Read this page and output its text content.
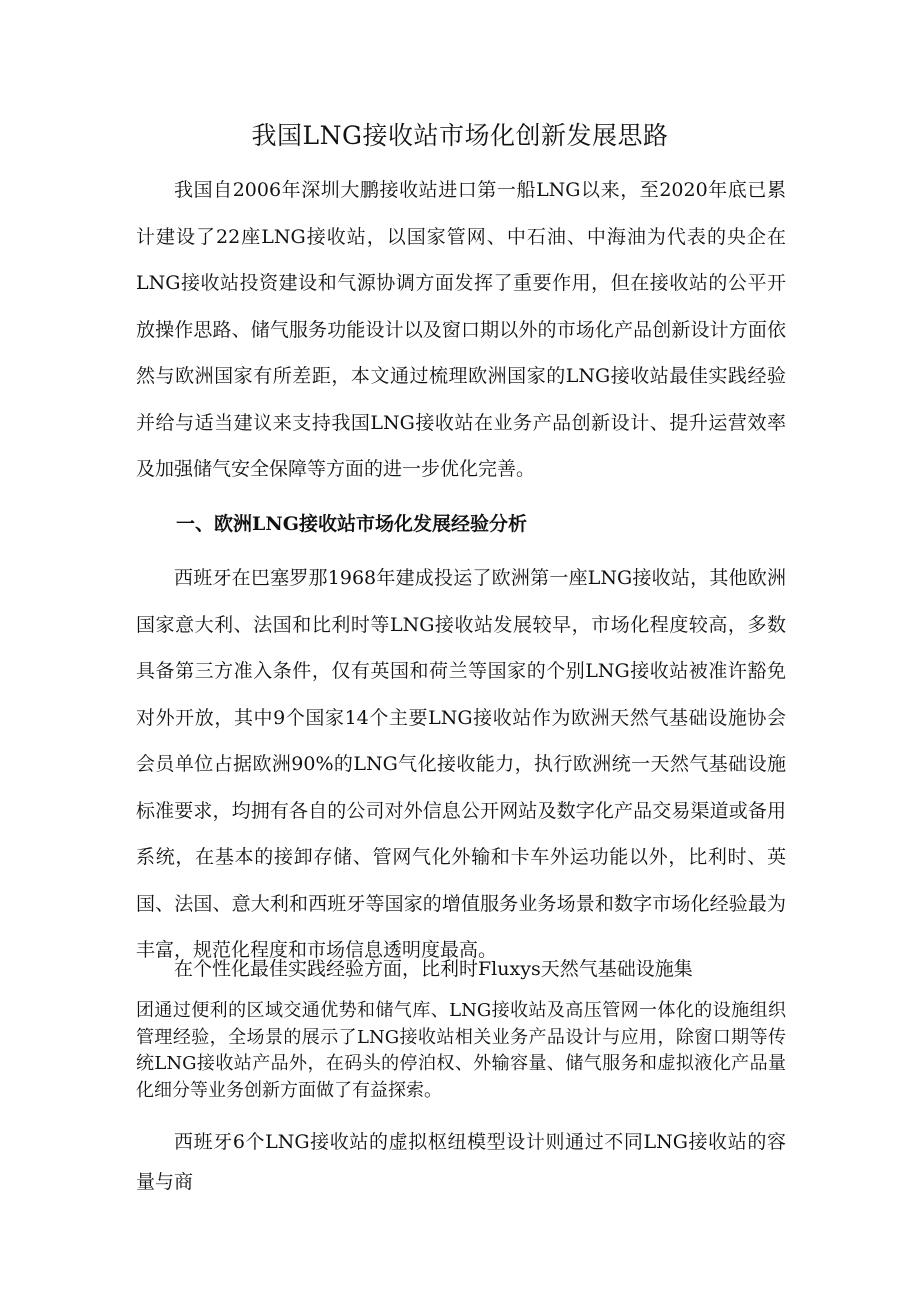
我国LNG接收站市场化创新发展思路

我国自2006年深圳大鹏接收站进口第一船LNG以来，至2020年底已累计建设了22座LNG接收站，以国家管网、中石油、中海油为代表的央企在LNG接收站投资建设和气源协调方面发挥了重要作用，但在接收站的公平开放操作思路、储气服务功能设计以及窗口期以外的市场化产品创新设计方面依然与欧洲国家有所差距，本文通过梳理欧洲国家的LNG接收站最佳实践经验并给与适当建议来支持我国LNG接收站在业务产品创新设计、提升运营效率及加强储气安全保障等方面的进一步优化完善。

一、欧洲LNG接收站市场化发展经验分析

西班牙在巴塞罗那1968年建成投运了欧洲第一座LNG接收站，其他欧洲国家意大利、法国和比利时等LNG接收站发展较早，市场化程度较高，多数具备第三方准入条件，仅有英国和荷兰等国家的个别LNG接收站被准许豁免对外开放，其中9个国家14个主要LNG接收站作为欧洲天然气基础设施协会会员单位占据欧洲90%的LNG气化接收能力，执行欧洲统一天然气基础设施标准要求，均拥有各自的公司对外信息公开网站及数字化产品交易渠道或备用系统，在基本的接卸存储、管网气化外输和卡车外运功能以外，比利时、英国、法国、意大利和西班牙等国家的增值服务业务场景和数字市场化经验最为丰富，规范化程度和市场信息透明度最高。

在个性化最佳实践经验方面，比利时Fluxys天然气基础设施集

团通过便利的区域交通优势和储气库、LNG接收站及高压管网一体化的设施组织管理经验，全场景的展示了LNG接收站相关业务产品设计与应用，除窗口期等传统LNG接收站产品外，在码头的停泊权、外输容量、储气服务和虚拟液化产品量化细分等业务创新方面做了有益探索。

西班牙6个LNG接收站的虚拟枢纽模型设计则通过不同LNG接收站的容量与商
